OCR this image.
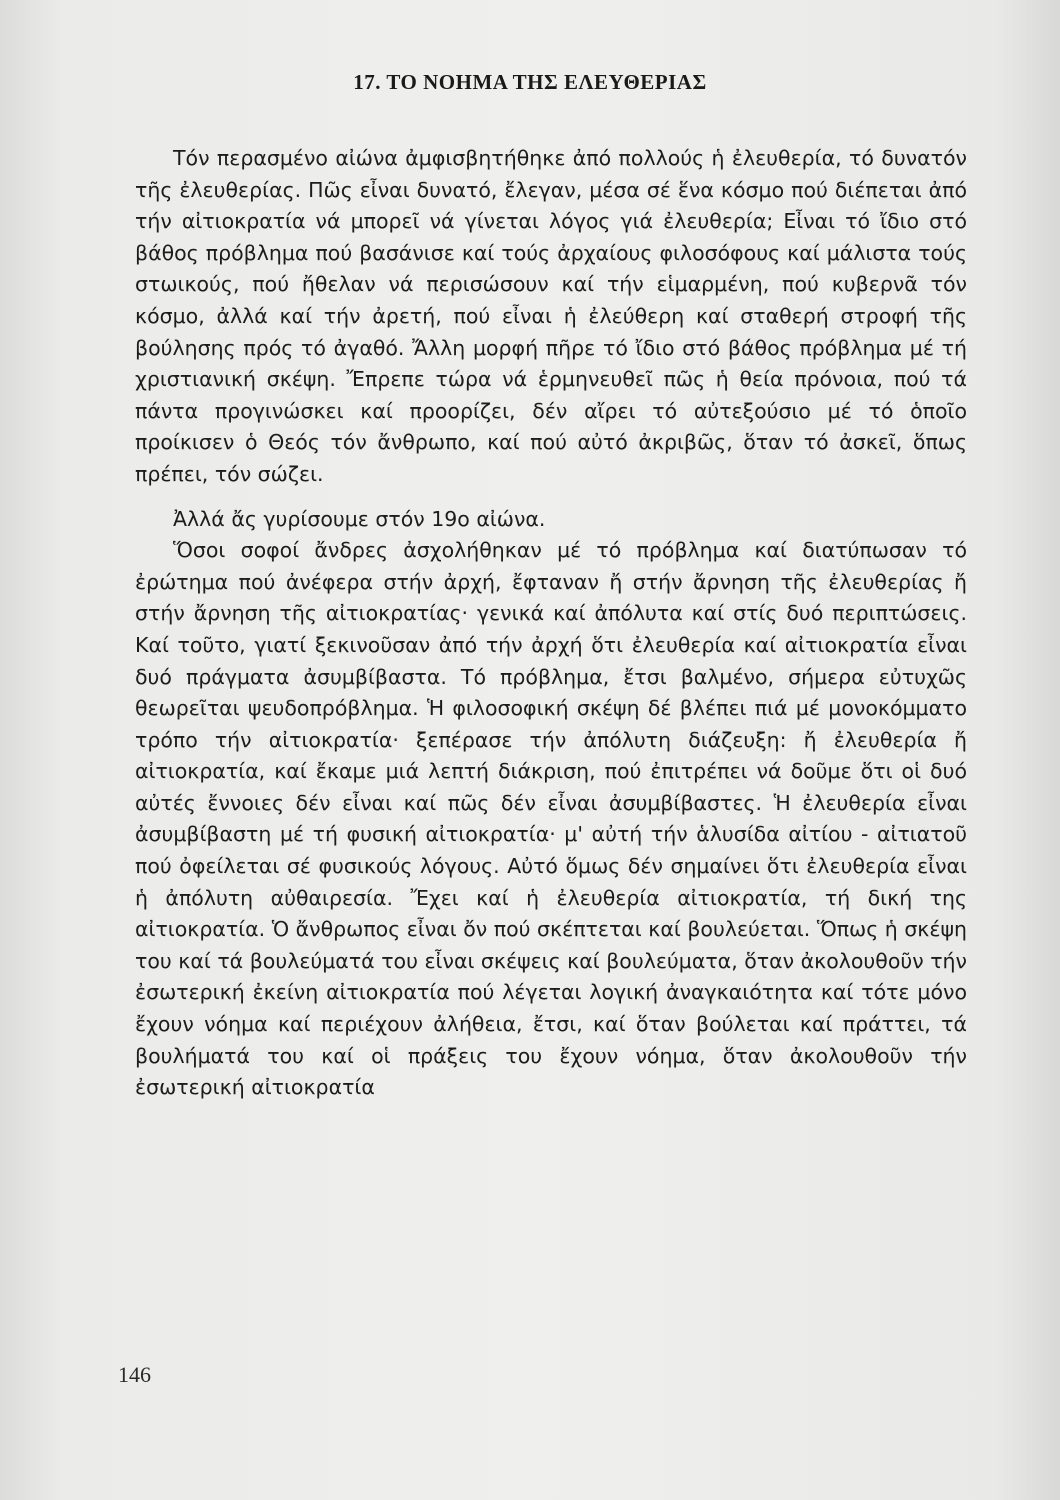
17. ΤΟ ΝΟΗΜΑ ΤΗΣ ΕΛΕΥΘΕΡΙΑΣ

Τόν περασμένο αἰώνα ἀμφισβητήθηκε ἀπό πολλούς ἡ ἐλευθερία, τό δυνατόν τῆς ἐλευθερίας. Πῶς εἶναι δυνατό, ἔλεγαν, μέσα σέ ἕνα κόσμο πού διέπεται ἀπό τήν αἰτιοκρατία νά μπορεῖ νά γίνεται λόγος γιά ἐλευθερία; Εἶναι τό ἴδιο στό βάθος πρόβλημα πού βασάνισε καί τούς ἀρχαίους φιλοσόφους καί μάλιστα τούς στωικούς, πού ἤθελαν νά περισώσουν καί τήν εἱμαρμένη, πού κυβερνᾶ τόν κόσμο, ἀλλά καί τήν ἀρετή, πού εἶναι ἡ ἐλεύθερη καί σταθερή στροφή τῆς βούλησης πρός τό ἀγαθό. Ἄλλη μορφή πῆρε τό ἴδιο στό βάθος πρόβλημα μέ τή χριστιανική σκέψη. Ἔπρεπε τώρα νά ἑρμηνευθεῖ πῶς ἡ θεία πρόνοια, πού τά πάντα προγινώσκει καί προορίζει, δέν αἴρει τό αὐτεξούσιο μέ τό ὁποῖο προίκισεν ὁ Θεός τόν ἄνθρωπο, καί πού αὐτό ἀκριβῶς, ὅταν τό ἀσκεῖ, ὅπως πρέπει, τόν σώζει.

Ἀλλά ἄς γυρίσουμε στόν 19ο αἰώνα.

Ὅσοι σοφοί ἄνδρες ἀσχολήθηκαν μέ τό πρόβλημα καί διατύπωσαν τό ἐρώτημα πού ἀνέφερα στήν ἀρχή, ἔφταναν ἤ στήν ἄρνηση τῆς ἐλευθερίας ἤ στήν ἄρνηση τῆς αἰτιοκρατίας· γενικά καί ἀπόλυτα καί στίς δυό περιπτώσεις. Καί τοῦτο, γιατί ξεκινοῦσαν ἀπό τήν ἀρχή ὅτι ἐλευθερία καί αἰτιοκρατία εἶναι δυό πράγματα ἀσυμβίβαστα. Τό πρόβλημα, ἔτσι βαλμένο, σήμερα εὐτυχῶς θεωρεῖται ψευδοπρόβλημα. Ἡ φιλοσοφική σκέψη δέ βλέπει πιά μέ μονοκόμματο τρόπο τήν αἰτιοκρατία· ξεπέρασε τήν ἀπόλυτη διάζευξη: ἤ ἐλευθερία ἤ αἰτιοκρατία, καί ἔκαμε μιά λεπτή διάκριση, πού ἐπιτρέπει νά δοῦμε ὅτι οἱ δυό αὐτές ἔννοιες δέν εἶναι καί πῶς δέν εἶναι ἀσυμβίβαστες. Ἡ ἐλευθερία εἶναι ἀσυμβίβαστη μέ τή φυσική αἰτιοκρατία· μ' αὐτή τήν ἁλυσίδα αἰτίου - αἰτιατοῦ πού ὀφείλεται σέ φυσικούς λόγους. Αὐτό ὅμως δέν σημαίνει ὅτι ἐλευθερία εἶναι ἡ ἀπόλυτη αὐθαιρεσία. Ἔχει καί ἡ ἐλευθερία αἰτιοκρατία, τή δική της αἰτιοκρατία. Ὁ ἄνθρωπος εἶναι ὄν πού σκέπτεται καί βουλεύεται. Ὅπως ἡ σκέψη του καί τά βουλεύματά του εἶναι σκέψεις καί βουλεύματα, ὅταν ἀκολουθοῦν τήν ἐσωτερική ἐκείνη αἰτιοκρατία πού λέγεται λογική ἀναγκαιότητα καί τότε μόνο ἔχουν νόημα καί περιέχουν ἀλήθεια, ἔτσι, καί ὅταν βούλεται καί πράττει, τά βουλήματά του καί οἱ πράξεις του ἔχουν νόημα, ὅταν ἀκολουθοῦν τήν ἐσωτερική αἰτιοκρατία

146
